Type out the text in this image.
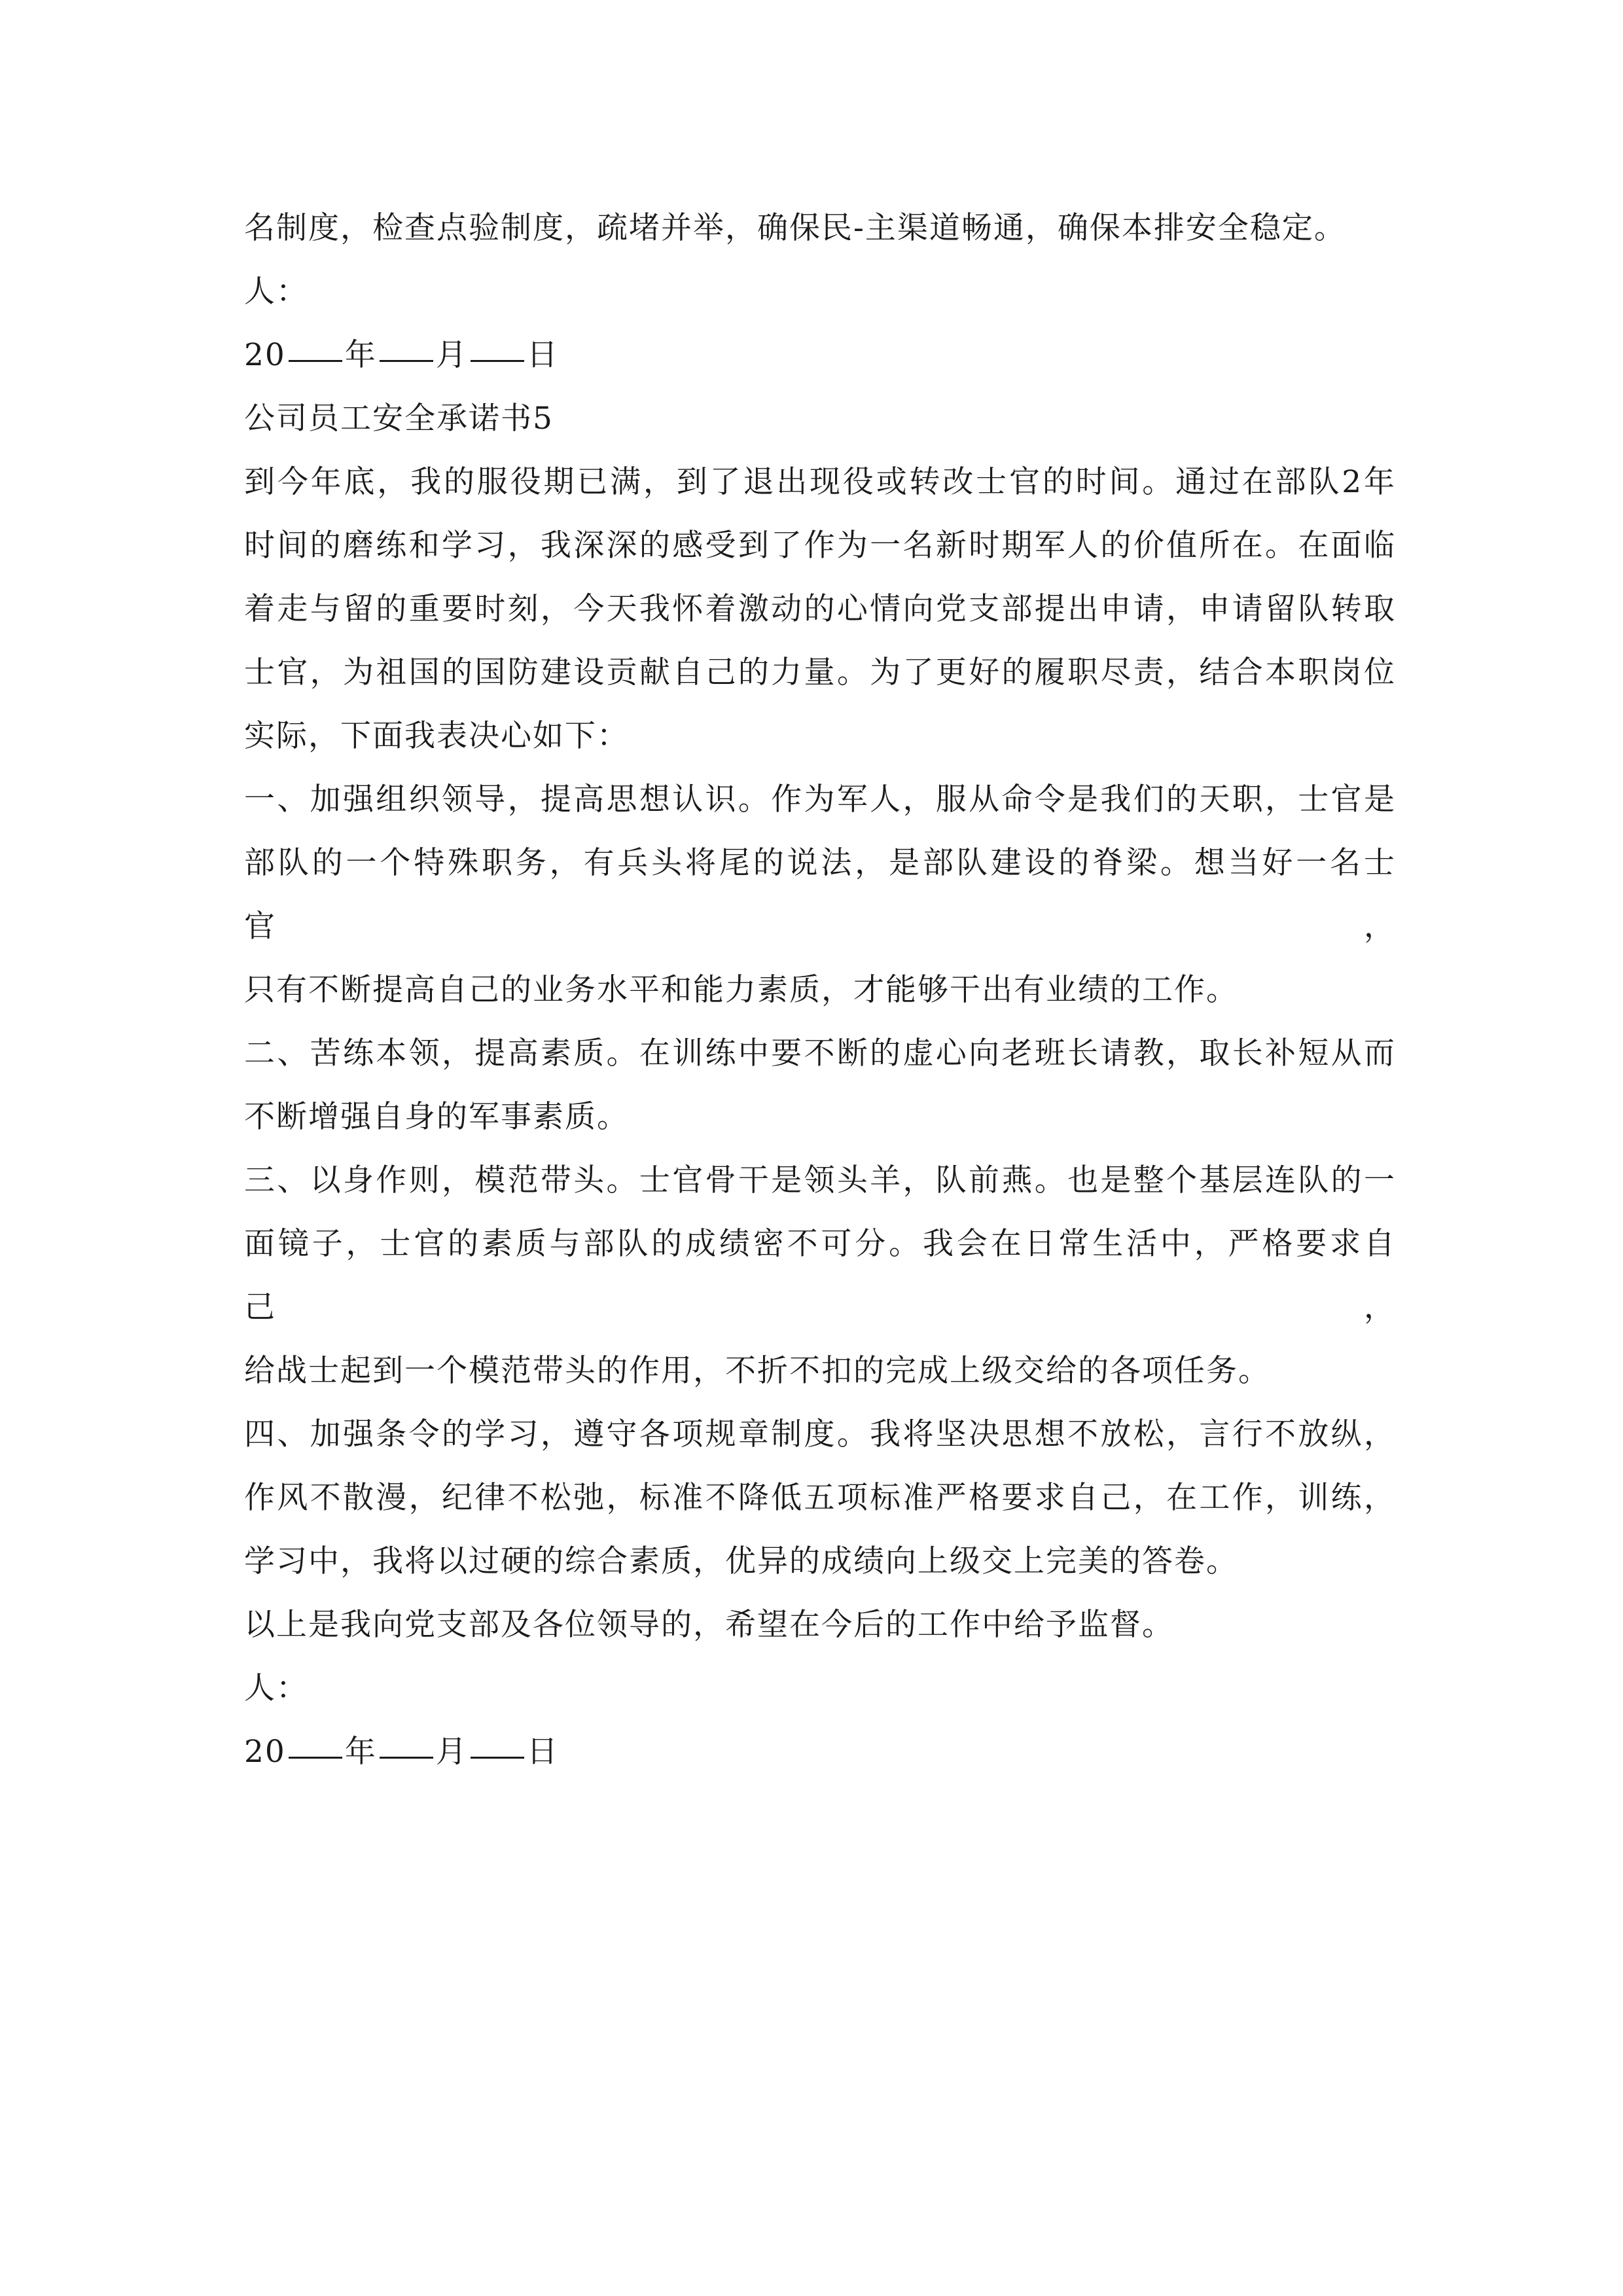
名制度，检查点验制度，疏堵并举，确保民-主渠道畅通，确保本排安全稳定。
人：
20 年 月 日
公司员工安全承诺书5
到今年底，我的服役期已满，到了退出现役或转改士官的时间。通过在部队2年
时间的磨练和学习，我深深的感受到了作为一名新时期军人的价值所在。在面临
着走与留的重要时刻，今天我怀着激动的心情向党支部提出申请，申请留队转取
士官，为祖国的国防建设贡献自己的力量。为了更好的履职尽责，结合本职岗位
实际，下面我表决心如下：
一、加强组织领导，提高思想认识。作为军人，服从命令是我们的天职，士官是
部队的一个特殊职务，有兵头将尾的说法，是部队建设的脊梁。想当好一名士官，
只有不断提高自己的业务水平和能力素质，才能够干出有业绩的工作。
二、苦练本领，提高素质。在训练中要不断的虚心向老班长请教，取长补短从而
不断增强自身的军事素质。
三、以身作则，模范带头。士官骨干是领头羊，队前燕。也是整个基层连队的一
面镜子，士官的素质与部队的成绩密不可分。我会在日常生活中，严格要求自己，
给战士起到一个模范带头的作用，不折不扣的完成上级交给的各项任务。
四、加强条令的学习，遵守各项规章制度。我将坚决思想不放松，言行不放纵，
作风不散漫，纪律不松弛，标准不降低五项标准严格要求自己，在工作，训练，
学习中，我将以过硬的综合素质，优异的成绩向上级交上完美的答卷。
以上是我向党支部及各位领导的，希望在今后的工作中给予监督。
人：
20 年 月 日
